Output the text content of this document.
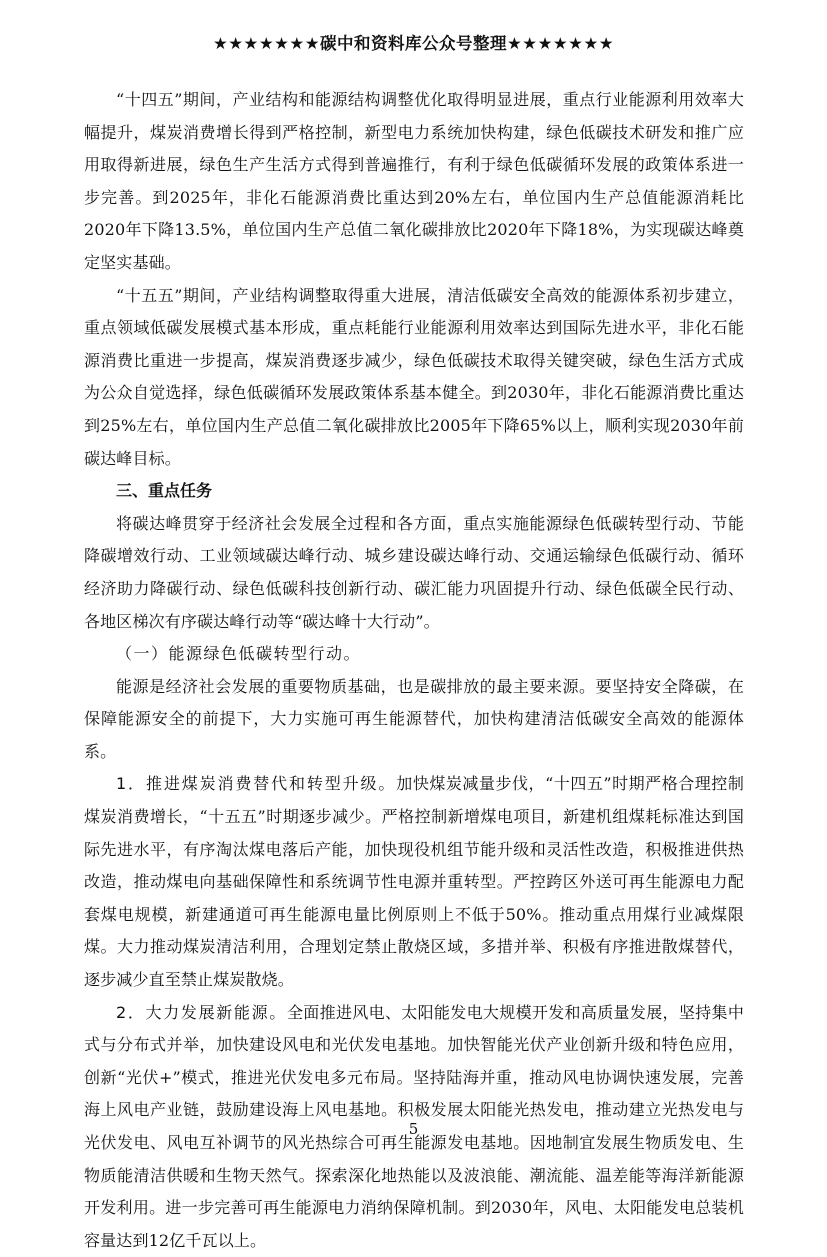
★★★★★★★碳中和资料库公众号整理★★★★★★★

“十四五”期间，产业结构和能源结构调整优化取得明显进展，重点行业能源利用效率大幅提升，煤炭消费增长得到严格控制，新型电力系统加快构建，绿色低碳技术研发和推广应用取得新进展，绿色生产生活方式得到普遍推行，有利于绿色低碳循环发展的政策体系进一步完善。到2025年，非化石能源消费比重达到20%左右，单位国内生产总值能源消耗比2020年下降13.5%，单位国内生产总值二氧化碳排放比2020年下降18%，为实现碳达峰奠定坚实基础。

“十五五”期间，产业结构调整取得重大进展，清洁低碳安全高效的能源体系初步建立，重点领域低碳发展模式基本形成，重点耗能行业能源利用效率达到国际先进水平，非化石能源消费比重进一步提高，煤炭消费逐步减少，绿色低碳技术取得关键突破，绿色生活方式成为公众自觉选择，绿色低碳循环发展政策体系基本健全。到2030年，非化石能源消费比重达到25%左右，单位国内生产总值二氧化碳排放比2005年下降65%以上，顺利实现2030年前碳达峰目标。

三、重点任务

将碳达峰贯穿于经济社会发展全过程和各方面，重点实施能源绿色低碳转型行动、节能降碳增效行动、工业领域碳达峰行动、城乡建设碳达峰行动、交通运输绿色低碳行动、循环经济助力降碳行动、绿色低碳科技创新行动、碳汇能力巩固提升行动、绿色低碳全民行动、各地区梯次有序碳达峰行动等“碳达峰十大行动”。

（一）能源绿色低碳转型行动。

能源是经济社会发展的重要物质基础，也是碳排放的最主要来源。要坚持安全降碳，在保障能源安全的前提下，大力实施可再生能源替代，加快构建清洁低碳安全高效的能源体系。

1．推进煤炭消费替代和转型升级。加快煤炭减量步伐，“十四五”时期严格合理控制煤炭消费增长，“十五五”时期逐步减少。严格控制新增煤电项目，新建机组煤耗标准达到国际先进水平，有序淘汰煤电落后产能，加快现役机组节能升级和灵活性改造，积极推进供热改造，推动煤电向基础保障性和系统调节性电源并重转型。严控跨区外送可再生能源电力配套煤电规模，新建通道可再生能源电量比例原则上不低于50%。推动重点用煤行业减煤限煤。大力推动煤炭清洁利用，合理划定禁止散烧区域，多措并举、积极有序推进散煤替代，逐步减少直至禁止煤炭散烧。

2．大力发展新能源。全面推进风电、太阳能发电大规模开发和高质量发展，坚持集中式与分布式并举，加快建设风电和光伏发电基地。加快智能光伏产业创新升级和特色应用，创新“光伏+”模式，推进光伏发电多元布局。坚持陆海并重，推动风电协调快速发展，完善海上风电产业链，鼓励建设海上风电基地。积极发展太阳能光热发电，推动建立光热发电与光伏发电、风电互补调节的风光热综合可再生能源发电基地。因地制宜发展生物质发电、生物质能清洁供暖和生物天然气。探索深化地热能以及波浪能、潮流能、温差能等海洋新能源开发利用。进一步完善可再生能源电力消纳保障机制。到2030年，风电、太阳能发电总装机容量达到12亿千瓦以上。

5
